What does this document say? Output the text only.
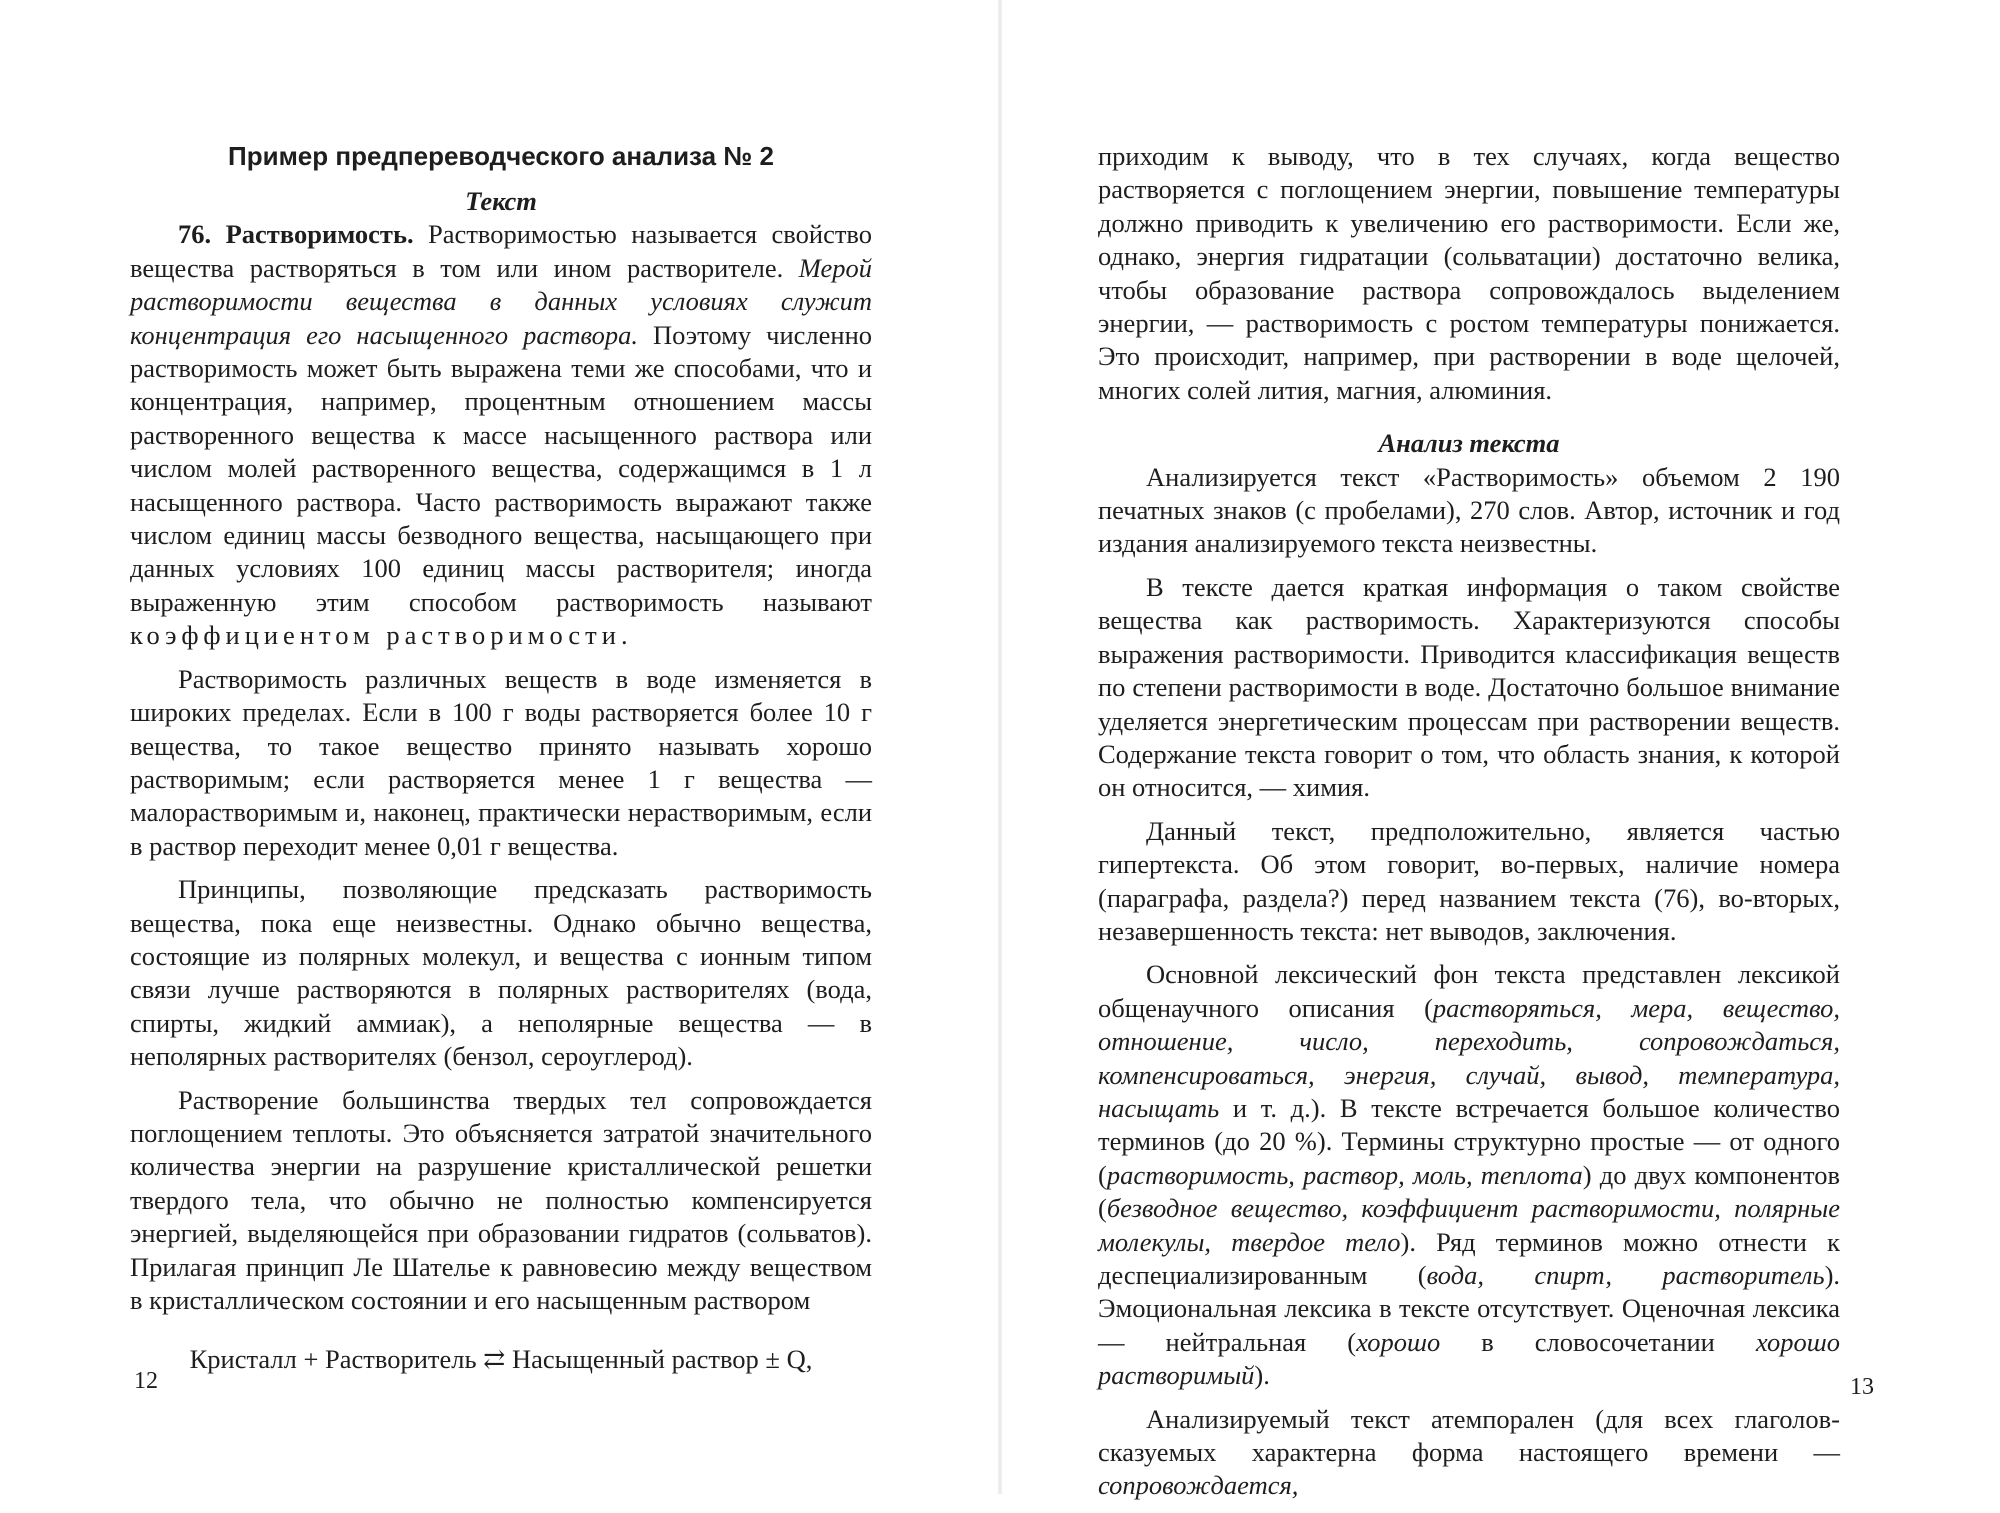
Пример предпереводческого анализа № 2
Текст

76. Растворимость. Растворимостью называется свойство вещества растворяться в том или ином растворителе. Мерой растворимости вещества в данных условиях служит концентрация его насыщенного раствора. Поэтому численно растворимость может быть выражена теми же способами, что и концентрация, например, процентным отношением массы растворенного вещества к массе насыщенного раствора или числом молей растворенного вещества, содержащимся в 1 л насыщенного раствора. Часто растворимость выражают также числом единиц массы безводного вещества, насыщающего при данных условиях 100 единиц массы растворителя; иногда выраженную этим способом растворимость называют коэффициентом растворимости.

Растворимость различных веществ в воде изменяется в широких пределах. Если в 100 г воды растворяется более 10 г вещества, то такое вещество принято называть хорошо растворимым; если растворяется менее 1 г вещества — малорастворимым и, наконец, практически нерастворимым, если в раствор переходит менее 0,01 г вещества.

Принципы, позволяющие предсказать растворимость вещества, пока еще неизвестны. Однако обычно вещества, состоящие из полярных молекул, и вещества с ионным типом связи лучше растворяются в полярных растворителях (вода, спирты, жидкий аммиак), а неполярные вещества — в неполярных растворителях (бензол, сероуглерод).

Растворение большинства твердых тел сопровождается поглощением теплоты. Это объясняется затратой значительного количества энергии на разрушение кристаллической решетки твердого тела, что обычно не полностью компенсируется энергией, выделяющейся при образовании гидратов (сольватов). Прилагая принцип Ле Шателье к равновесию между веществом в кристаллическом состоянии и его насыщенным раствором

Кристалл + Растворитель ⇄ Насыщенный раствор ± Q,
12

приходим к выводу, что в тех случаях, когда вещество растворяется с поглощением энергии, повышение температуры должно приводить к увеличению его растворимости. Если же, однако, энергия гидратации (сольватации) достаточно велика, чтобы образование раствора сопровождалось выделением энергии, — растворимость с ростом температуры понижается. Это происходит, например, при растворении в воде щелочей, многих солей лития, магния, алюминия.

Анализ текста

Анализируется текст «Растворимость» объемом 2 190 печатных знаков (с пробелами), 270 слов. Автор, источник и год издания анализируемого текста неизвестны.

В тексте дается краткая информация о таком свойстве вещества как растворимость. Характеризуются способы выражения растворимости. Приводится классификация веществ по степени растворимости в воде. Достаточно большое внимание уделяется энергетическим процессам при растворении веществ. Содержание текста говорит о том, что область знания, к которой он относится, — химия.

Данный текст, предположительно, является частью гипертекста. Об этом говорит, во-первых, наличие номера (параграфа, раздела?) перед названием текста (76), во-вторых, незавершенность текста: нет выводов, заключения.

Основной лексический фон текста представлен лексикой общенаучного описания (растворяться, мера, вещество, отношение, число, переходить, сопровождаться, компенсироваться, энергия, случай, вывод, температура, насыщать и т. д.). В тексте встречается большое количество терминов (до 20 %). Термины структурно простые — от одного (растворимость, раствор, моль, теплота) до двух компонентов (безводное вещество, коэффициент растворимости, полярные молекулы, твердое тело). Ряд терминов можно отнести к деспециализированным (вода, спирт, растворитель). Эмоциональная лексика в тексте отсутствует. Оценочная лексика — нейтральная (хорошо в словосочетании хорошо растворимый).

Анализируемый текст атемпорален (для всех глаголов-сказуемых характерна форма настоящего времени — сопровождается,

13
